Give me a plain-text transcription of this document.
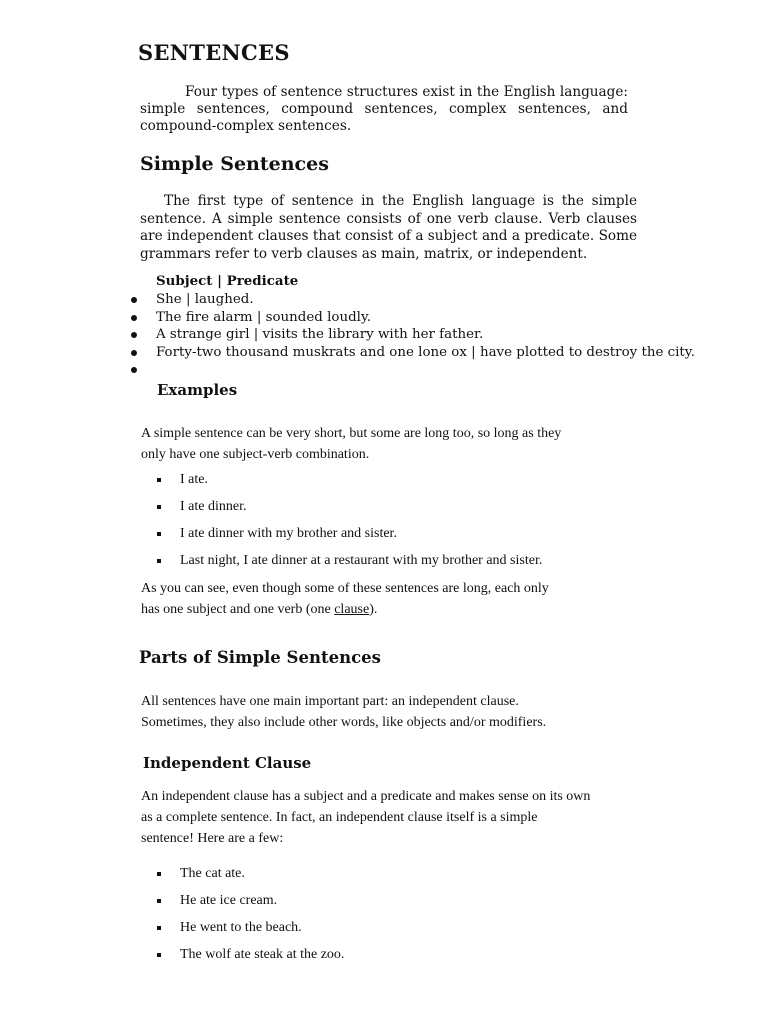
SENTENCES
Four types of sentence structures exist in the English language: simple sentences, compound sentences, complex sentences, and compound-complex sentences.
Simple Sentences
The first type of sentence in the English language is the simple sentence. A simple sentence consists of one verb clause. Verb clauses are independent clauses that consist of a subject and a predicate. Some grammars refer to verb clauses as main, matrix, or independent.
Subject | Predicate
She | laughed.
The fire alarm | sounded loudly.
A strange girl | visits the library with her father.
Forty-two thousand muskrats and one lone ox | have plotted to destroy the city.
Examples
A simple sentence can be very short, but some are long too, so long as they
only have one subject-verb combination.
I ate.
I ate dinner.
I ate dinner with my brother and sister.
Last night, I ate dinner at a restaurant with my brother and sister.
As you can see, even though some of these sentences are long, each only
has one subject and one verb (one clause).
Parts of Simple Sentences
All sentences have one main important part: an independent clause.
Sometimes, they also include other words, like objects and/or modifiers.
Independent Clause
An independent clause has a subject and a predicate and makes sense on its own
as a complete sentence. In fact, an independent clause itself is a simple
sentence! Here are a few:
The cat ate.
He ate ice cream.
He went to the beach.
The wolf ate steak at the zoo.
